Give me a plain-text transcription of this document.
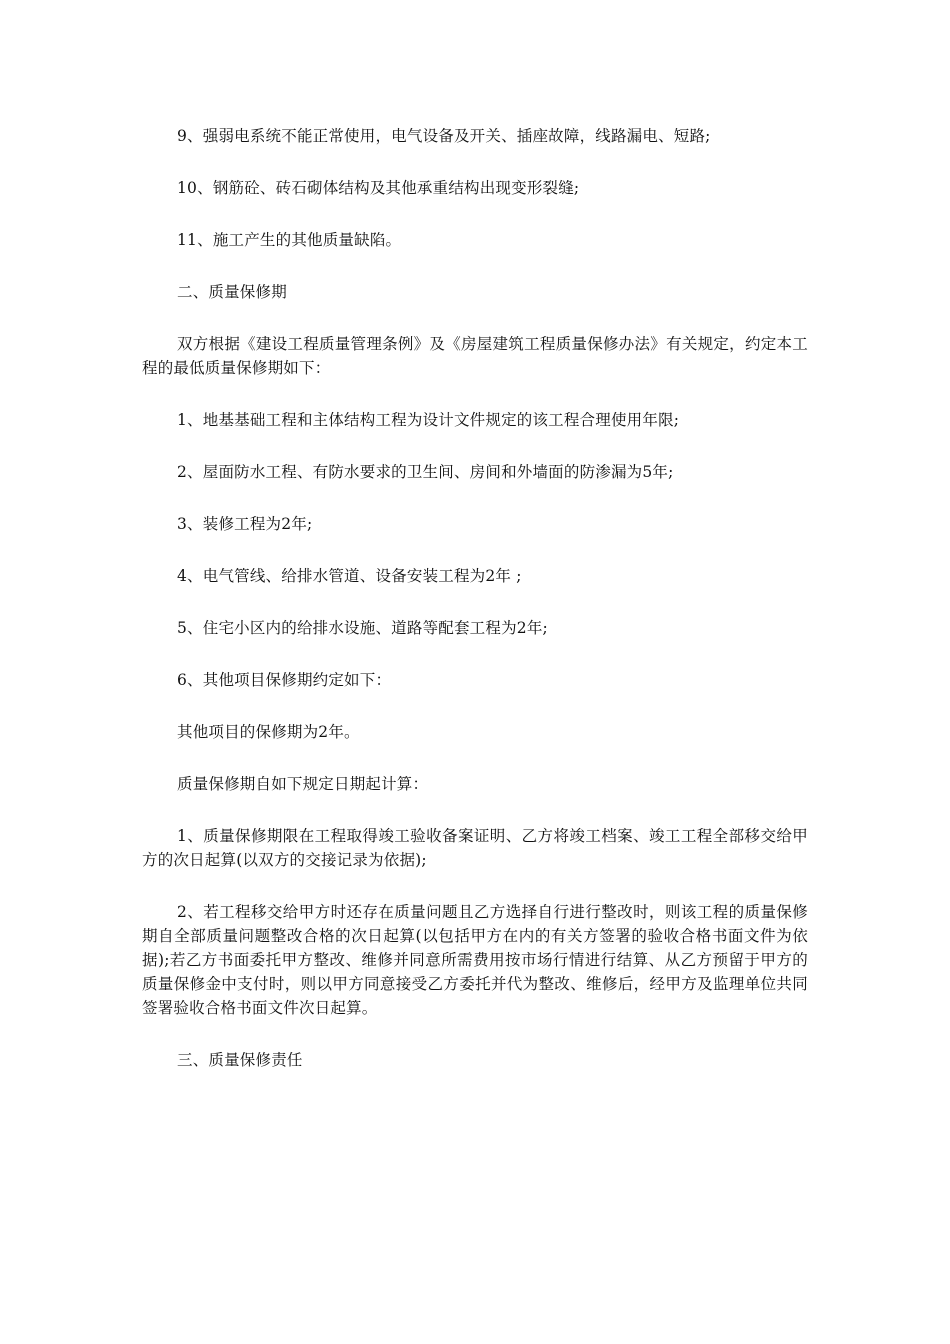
9、强弱电系统不能正常使用，电气设备及开关、插座故障，线路漏电、短路;

10、钢筋砼、砖石砌体结构及其他承重结构出现变形裂缝;

11、施工产生的其他质量缺陷。

二、质量保修期

双方根据《建设工程质量管理条例》及《房屋建筑工程质量保修办法》有关规定，约定本工程的最低质量保修期如下：

1、地基基础工程和主体结构工程为设计文件规定的该工程合理使用年限;

2、屋面防水工程、有防水要求的卫生间、房间和外墙面的防渗漏为5年;

3、装修工程为2年;

4、电气管线、给排水管道、设备安装工程为2年 ;

5、住宅小区内的给排水设施、道路等配套工程为2年;

6、其他项目保修期约定如下：

其他项目的保修期为2年。

质量保修期自如下规定日期起计算：

1、质量保修期限在工程取得竣工验收备案证明、乙方将竣工档案、竣工工程全部移交给甲方的次日起算(以双方的交接记录为依据);

2、若工程移交给甲方时还存在质量问题且乙方选择自行进行整改时，则该工程的质量保修期自全部质量问题整改合格的次日起算(以包括甲方在内的有关方签署的验收合格书面文件为依据);若乙方书面委托甲方整改、维修并同意所需费用按市场行情进行结算、从乙方预留于甲方的质量保修金中支付时，则以甲方同意接受乙方委托并代为整改、维修后，经甲方及监理单位共同签署验收合格书面文件次日起算。

三、质量保修责任
